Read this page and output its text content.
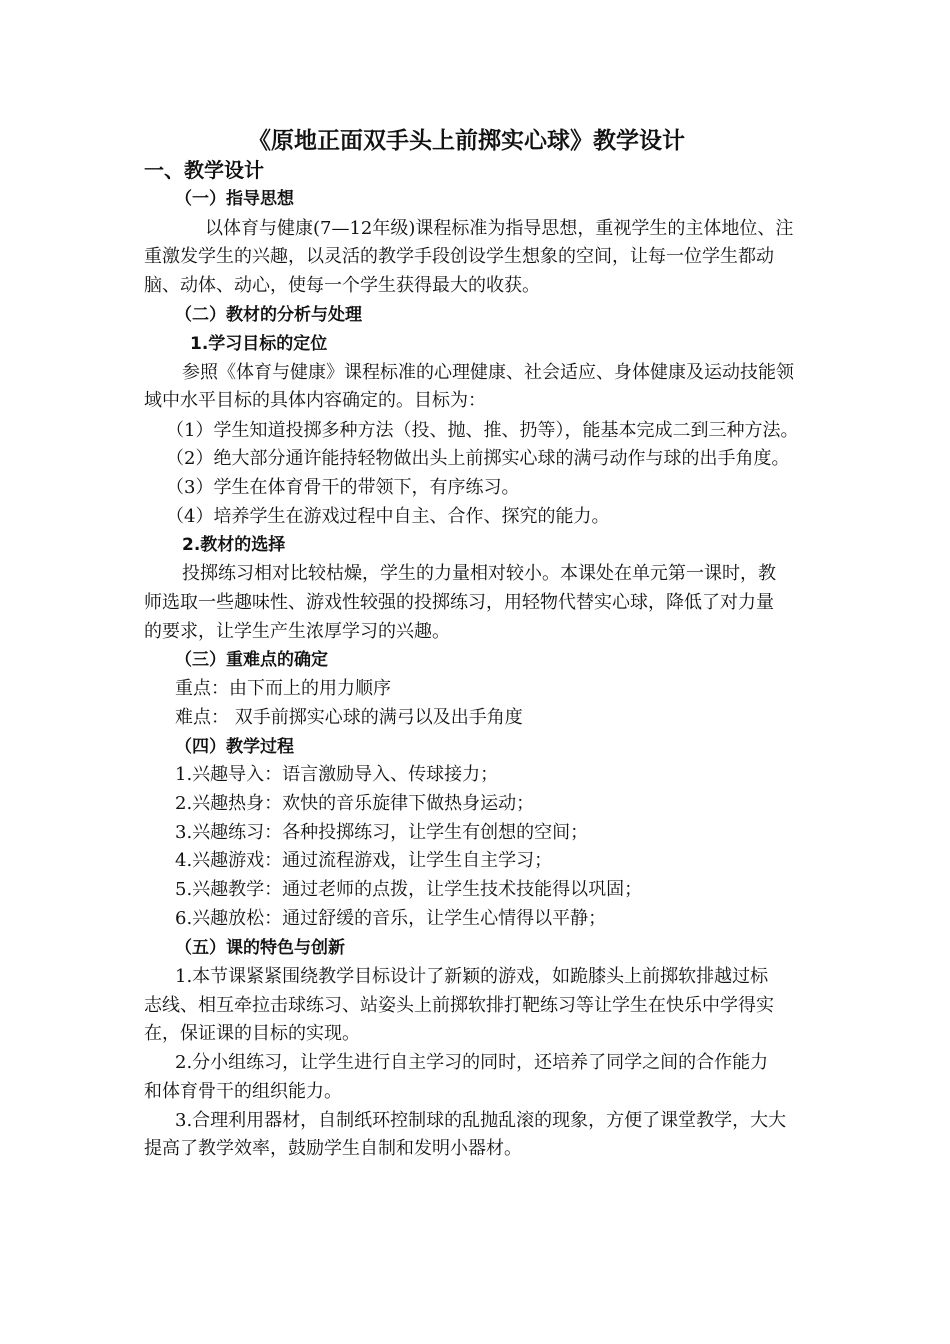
《原地正面双手头上前掷实心球》教学设计
一、教学设计
（一）指导思想
以体育与健康(7—12年级)课程标准为指导思想，重视学生的主体地位、注
重激发学生的兴趣，以灵活的教学手段创设学生想象的空间，让每一位学生都动
脑、动体、动心，使每一个学生获得最大的收获。
（二）教材的分析与处理
1.学习目标的定位
参照《体育与健康》课程标准的心理健康、社会适应、身体健康及运动技能领
域中水平目标的具体内容确定的。目标为：
（1）学生知道投掷多种方法（投、抛、推、扔等），能基本完成二到三种方法。
（2）绝大部分通许能持轻物做出头上前掷实心球的满弓动作与球的出手角度。
（3）学生在体育骨干的带领下，有序练习。
（4）培养学生在游戏过程中自主、合作、探究的能力。
2.教材的选择
投掷练习相对比较枯燥，学生的力量相对较小。本课处在单元第一课时，教
师选取一些趣味性、游戏性较强的投掷练习，用轻物代替实心球，降低了对力量
的要求，让学生产生浓厚学习的兴趣。
（三）重难点的确定
重点：由下而上的用力顺序
难点： 双手前掷实心球的满弓以及出手角度
（四）教学过程
1.兴趣导入：语言激励导入、传球接力；
2.兴趣热身：欢快的音乐旋律下做热身运动；
3.兴趣练习：各种投掷练习，让学生有创想的空间；
4.兴趣游戏：通过流程游戏，让学生自主学习；
5.兴趣教学：通过老师的点拨，让学生技术技能得以巩固；
6.兴趣放松：通过舒缓的音乐，让学生心情得以平静；
（五）课的特色与创新
1.本节课紧紧围绕教学目标设计了新颖的游戏，如跪膝头上前掷软排越过标
志线、相互牵拉击球练习、站姿头上前掷软排打靶练习等让学生在快乐中学得实
在，保证课的目标的实现。
2.分小组练习，让学生进行自主学习的同时，还培养了同学之间的合作能力
和体育骨干的组织能力。
3.合理利用器材，自制纸环控制球的乱抛乱滚的现象，方便了课堂教学，大大
提高了教学效率，鼓励学生自制和发明小器材。
